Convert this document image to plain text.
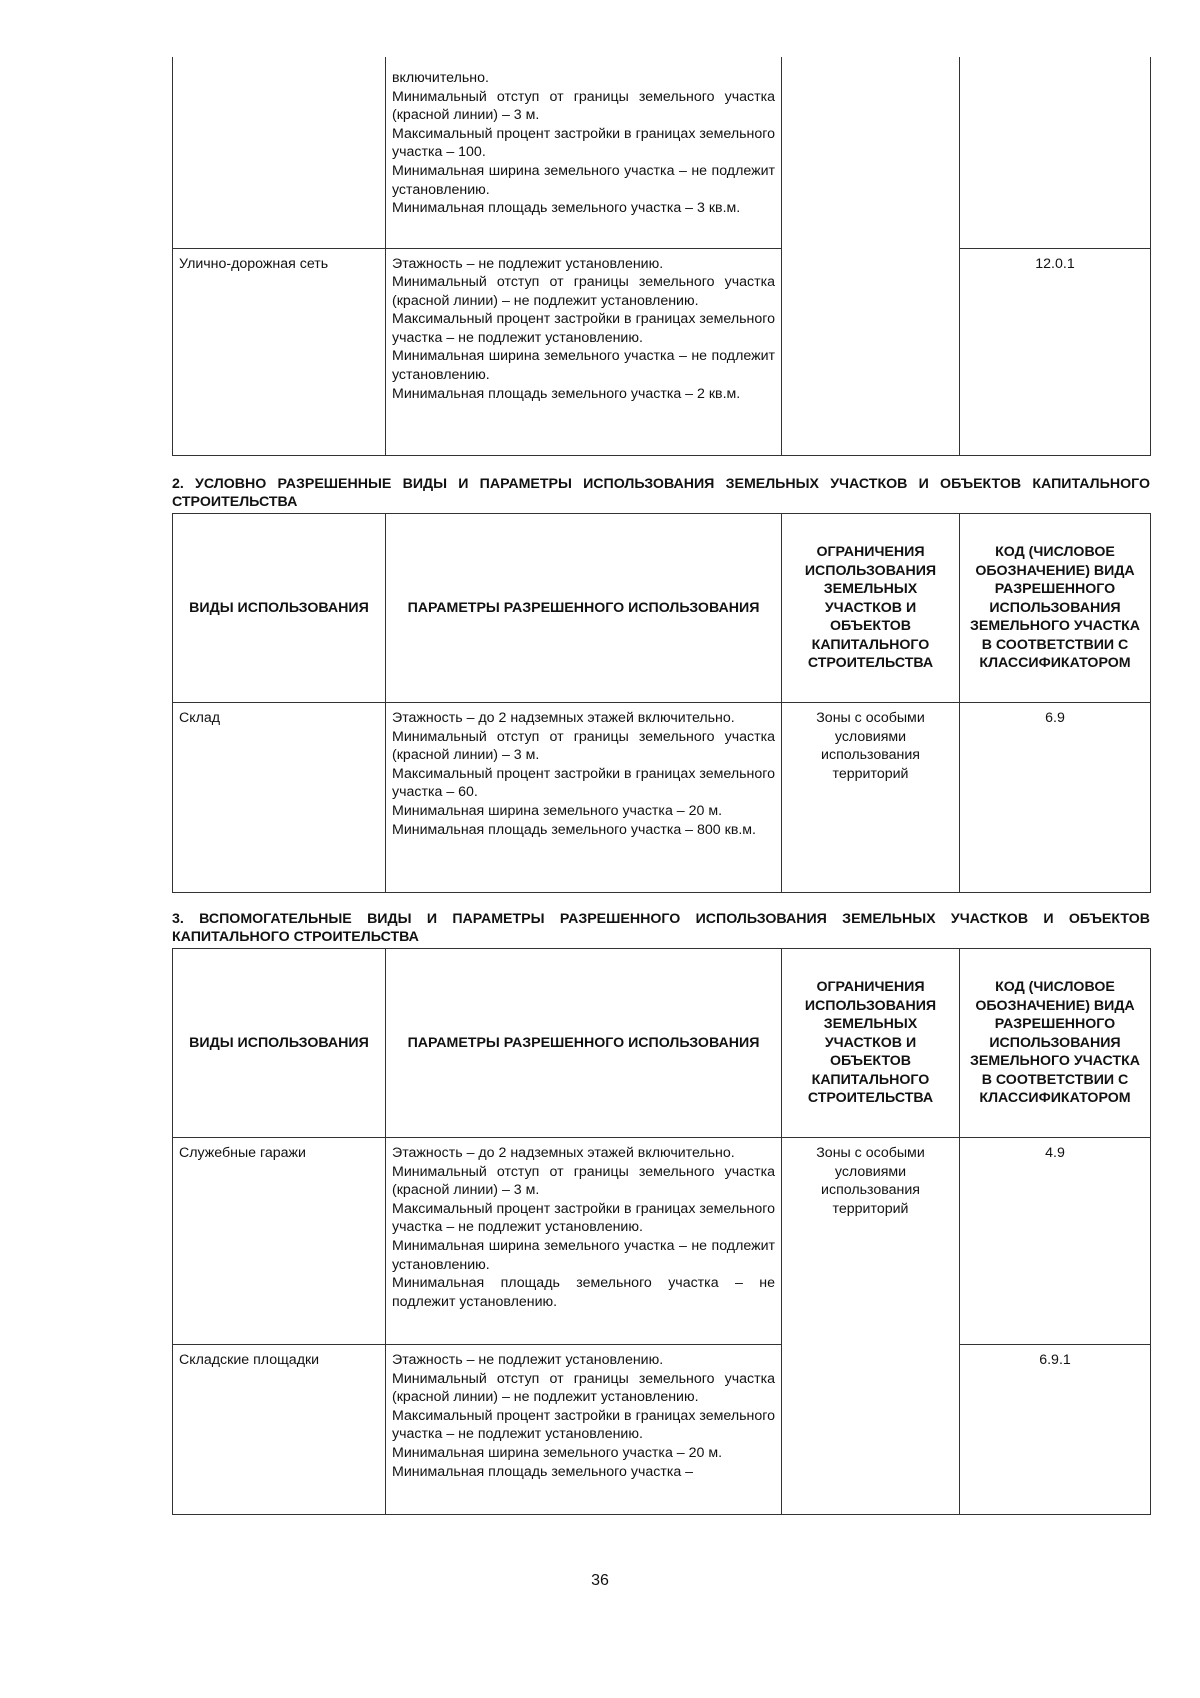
	включительно.
Минимальный отступ от границы земельного участка (красной линии) – 3 м.
Максимальный процент застройки в границах земельного участка – 100.
Минимальная ширина земельного участка – не подлежит установлению.
Минимальная площадь земельного участка – 3 кв.м.		

Улично-дорожная сеть	Этажность – не подлежит установлению.
Минимальный отступ от границы земельного участка (красной линии) – не подлежит установлению.
Максимальный процент застройки в границах земельного участка – не подлежит установлению.
Минимальная ширина земельного участка – не подлежит установлению.
Минимальная площадь земельного участка – 2 кв.м.		12.0.1
2. УСЛОВНО РАЗРЕШЕННЫЕ ВИДЫ И ПАРАМЕТРЫ ИСПОЛЬЗОВАНИЯ ЗЕМЕЛЬНЫХ УЧАСТКОВ И ОБЪЕКТОВ КАПИТАЛЬНОГО СТРОИТЕЛЬСТВА
ВИДЫ ИСПОЛЬЗОВАНИЯ	ПАРАМЕТРЫ РАЗРЕШЕННОГО ИСПОЛЬЗОВАНИЯ	ОГРАНИЧЕНИЯ ИСПОЛЬЗОВАНИЯ ЗЕМЕЛЬНЫХ УЧАСТКОВ И ОБЪЕКТОВ КАПИТАЛЬНОГО СТРОИТЕЛЬСТВА	КОД (ЧИСЛОВОЕ ОБОЗНАЧЕНИЕ) ВИДА РАЗРЕШЕННОГО ИСПОЛЬЗОВАНИЯ ЗЕМЕЛЬНОГО УЧАСТКА В СООТВЕТСТВИИ С КЛАССИФИКАТОРОМ
Склад	Этажность – до 2 надземных этажей включительно.
Минимальный отступ от границы земельного участка (красной линии) – 3 м.
Максимальный процент застройки в границах земельного участка – 60.
Минимальная ширина земельного участка – 20 м.
Минимальная площадь земельного участка – 800 кв.м.	Зоны с особыми условиями использования территорий	6.9
3. ВСПОМОГАТЕЛЬНЫЕ ВИДЫ И ПАРАМЕТРЫ РАЗРЕШЕННОГО ИСПОЛЬЗОВАНИЯ ЗЕМЕЛЬНЫХ УЧАСТКОВ И ОБЪЕКТОВ КАПИТАЛЬНОГО СТРОИТЕЛЬСТВА
ВИДЫ ИСПОЛЬЗОВАНИЯ	ПАРАМЕТРЫ РАЗРЕШЕННОГО ИСПОЛЬЗОВАНИЯ	ОГРАНИЧЕНИЯ ИСПОЛЬЗОВАНИЯ ЗЕМЕЛЬНЫХ УЧАСТКОВ И ОБЪЕКТОВ КАПИТАЛЬНОГО СТРОИТЕЛЬСТВА	КОД (ЧИСЛОВОЕ ОБОЗНАЧЕНИЕ) ВИДА РАЗРЕШЕННОГО ИСПОЛЬЗОВАНИЯ ЗЕМЕЛЬНОГО УЧАСТКА В СООТВЕТСТВИИ С КЛАССИФИКАТОРОМ
Служебные гаражи	Этажность – до 2 надземных этажей включительно.
Минимальный отступ от границы земельного участка (красной линии) – 3 м.
Максимальный процент застройки в границах земельного участка – не подлежит установлению.
Минимальная ширина земельного участка – не подлежит установлению.
Минимальная площадь земельного участка – не подлежит установлению.	Зоны с особыми условиями использования территорий	4.9
Складские площадки	Этажность – не подлежит установлению.
Минимальный отступ от границы земельного участка (красной линии) – не подлежит установлению.
Максимальный процент застройки в границах земельного участка – не подлежит установлению.
Минимальная ширина земельного участка – 20 м.
Минимальная площадь земельного участка –		6.9.1
36
